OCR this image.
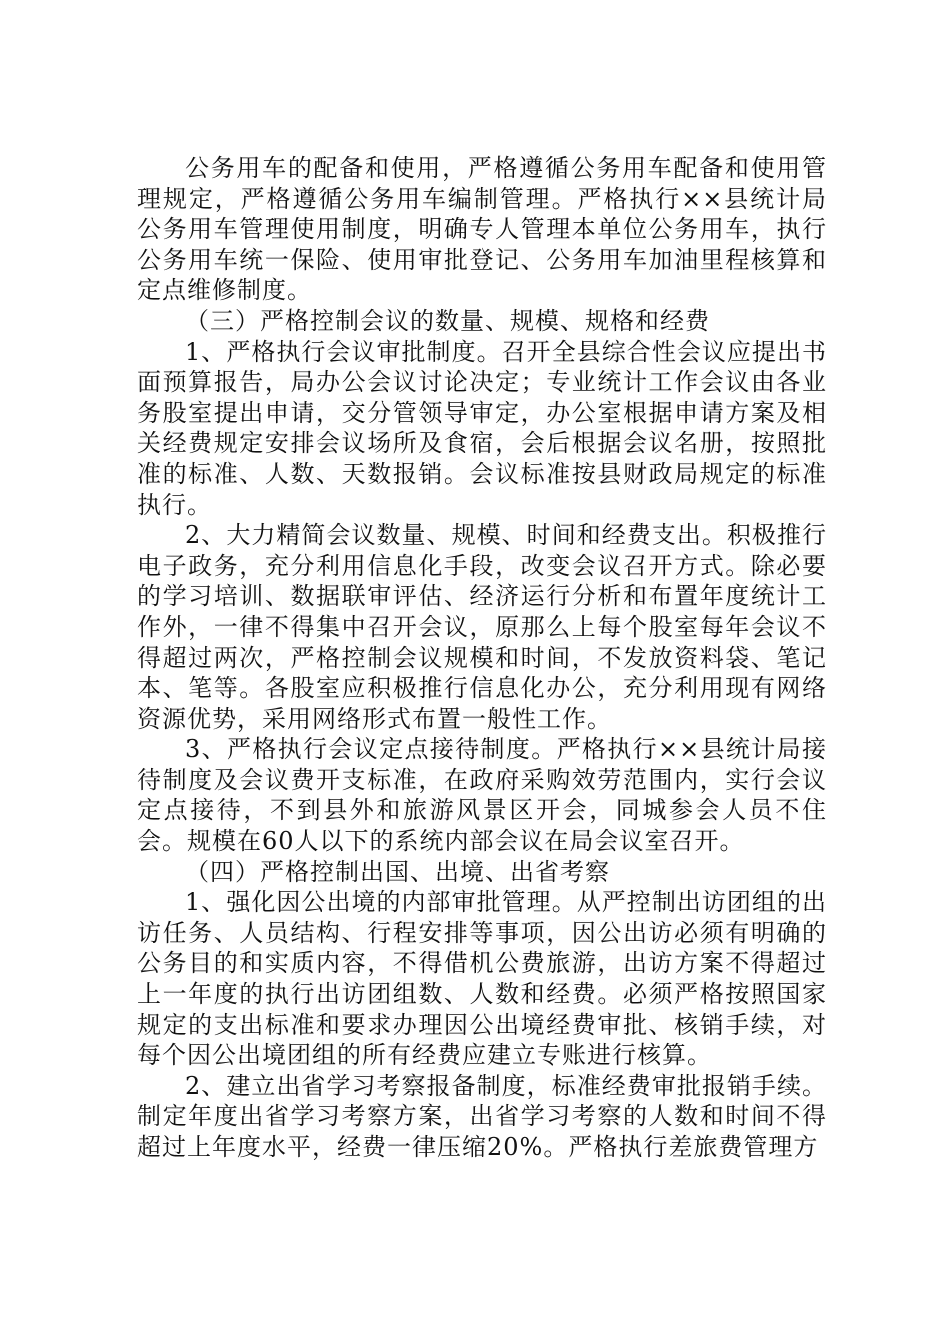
公务用车的配备和使用，严格遵循公务用车配备和使用管理规定，严格遵循公务用车编制管理。严格执行××县统计局公务用车管理使用制度，明确专人管理本单位公务用车，执行公务用车统一保险、使用审批登记、公务用车加油里程核算和定点维修制度。

（三）严格控制会议的数量、规模、规格和经费

1、严格执行会议审批制度。召开全县综合性会议应提出书面预算报告，局办公会议讨论决定；专业统计工作会议由各业务股室提出申请，交分管领导审定，办公室根据申请方案及相关经费规定安排会议场所及食宿，会后根据会议名册，按照批准的标准、人数、天数报销。会议标准按县财政局规定的标准执行。

2、大力精简会议数量、规模、时间和经费支出。积极推行电子政务，充分利用信息化手段，改变会议召开方式。除必要的学习培训、数据联审评估、经济运行分析和布置年度统计工作外，一律不得集中召开会议，原那么上每个股室每年会议不得超过两次，严格控制会议规模和时间，不发放资料袋、笔记本、笔等。各股室应积极推行信息化办公，充分利用现有网络资源优势，采用网络形式布置一般性工作。

3、严格执行会议定点接待制度。严格执行××县统计局接待制度及会议费开支标准，在政府采购效劳范围内，实行会议定点接待，不到县外和旅游风景区开会，同城参会人员不住会。规模在60人以下的系统内部会议在局会议室召开。

（四）严格控制出国、出境、出省考察

1、强化因公出境的内部审批管理。从严控制出访团组的出访任务、人员结构、行程安排等事项，因公出访必须有明确的公务目的和实质内容，不得借机公费旅游，出访方案不得超过上一年度的执行出访团组数、人数和经费。必须严格按照国家规定的支出标准和要求办理因公出境经费审批、核销手续，对每个因公出境团组的所有经费应建立专账进行核算。

2、建立出省学习考察报备制度，标准经费审批报销手续。制定年度出省学习考察方案，出省学习考察的人数和时间不得超过上年度水平，经费一律压缩20%。严格执行差旅费管理方
